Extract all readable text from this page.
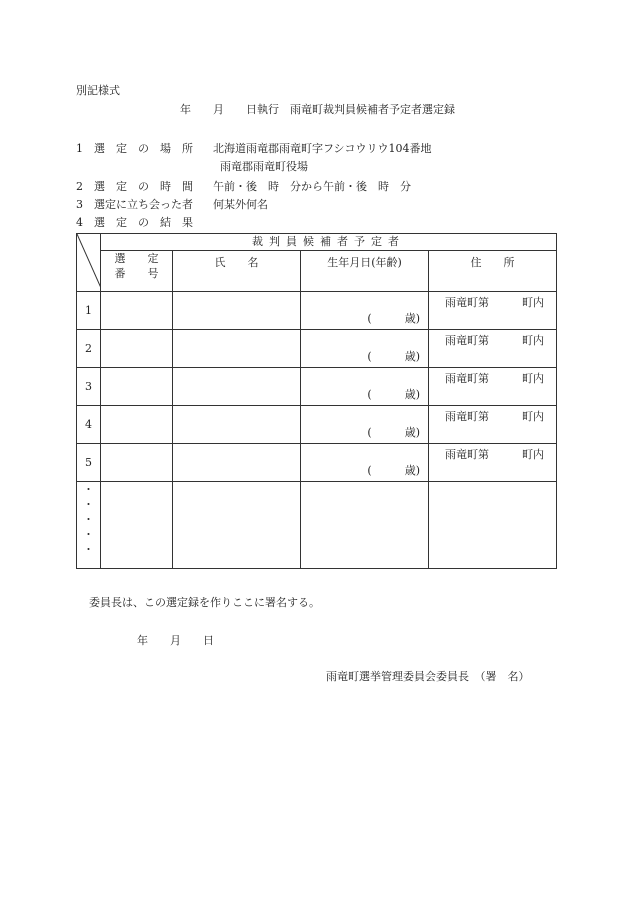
別記様式
年　　月　　日執行　雨竜町裁判員候補者予定者選定録
1　選　定　の　場　所 北海道雨竜郡雨竜町字フシコウリウ104番地
雨竜郡雨竜町役場
2　選　定　の　時　間 午前・後　時　分から午前・後　時　分
3　選定に立ち会った者 何某外何名
4　選　定　の　結　果
	裁判員候補者予定者			

	選　　定
番　　号	氏　　名	生年月日(年齢)	住　　所
1			(　　　歳)	雨竜町第　　　町内

2			(　　　歳)	雨竜町第　　　町内

3			(　　　歳)	雨竜町第　　　町内

4			(　　　歳)	雨竜町第　　　町内

5			(　　　歳)	雨竜町第　　　町内

・
・
・
・
・				

委員長は、この選定録を作りここに署名する。
年　　月　　日
雨竜町選挙管理委員会委員長　（署　名）
